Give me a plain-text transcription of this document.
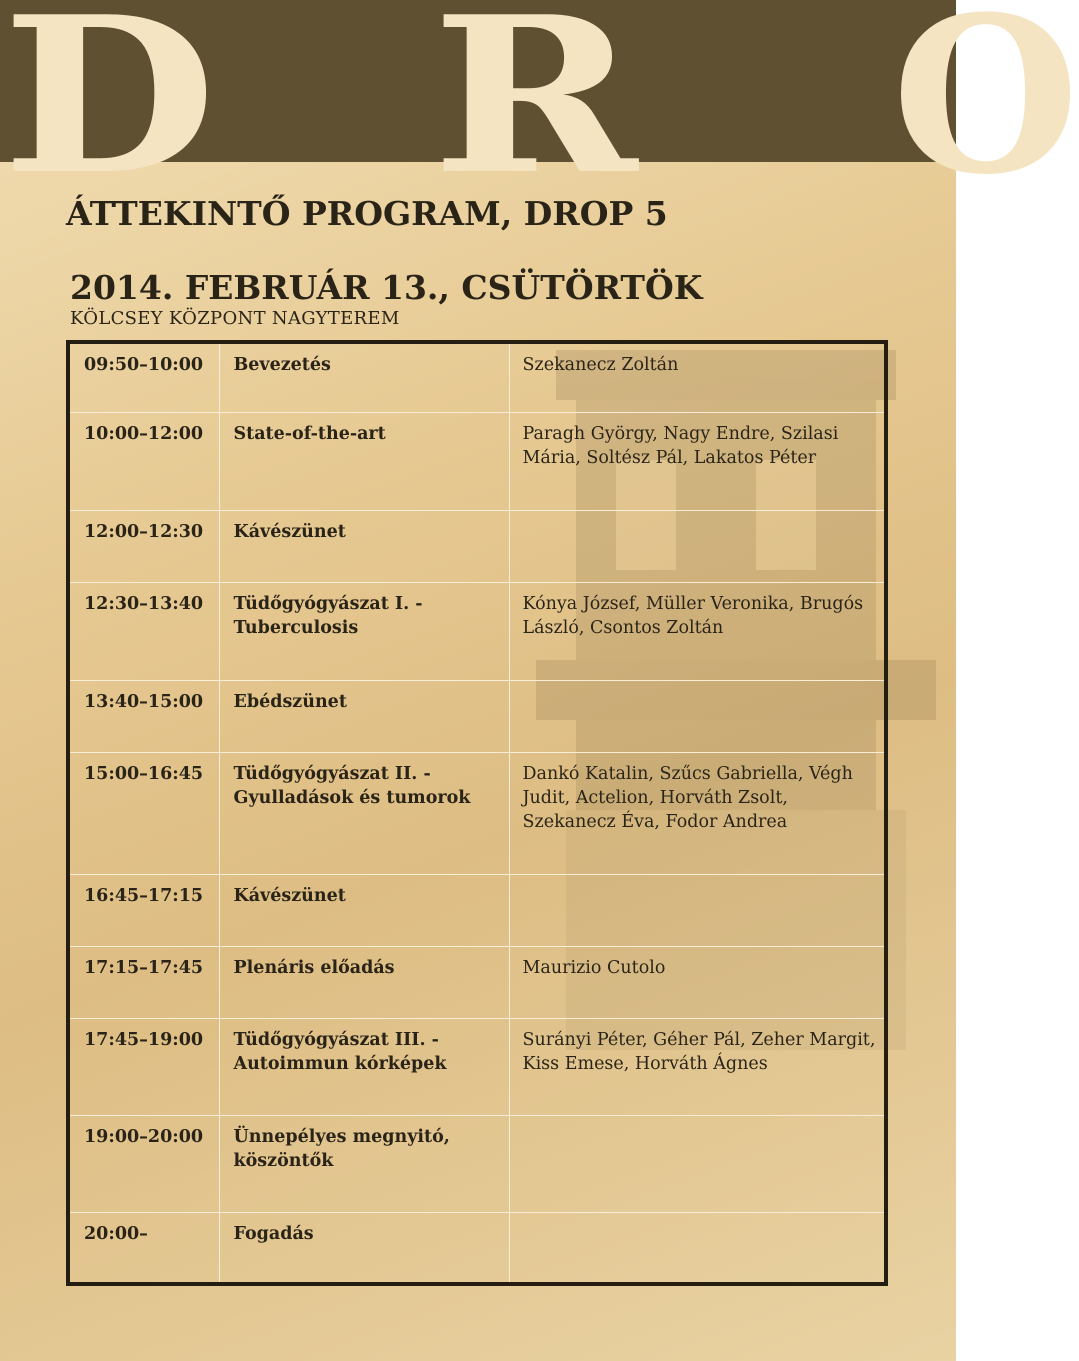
D R O
ÁTTEKINTŐ PROGRAM, DROP 5
2014. FEBRUÁR 13., CSÜTÖRTÖK
KÖLCSEY KÖZPONT NAGYTEREM
09:50–10:00	Bevezetés	Szekanecz Zoltán
10:00–12:00	State-of-the-art	Paragh György, Nagy Endre, Szilasi Mária, Soltész Pál, Lakatos Péter
12:00–12:30	Kávészünet	
12:30–13:40	Tüdőgyógyászat I. - Tuberculosis	Kónya József, Müller Veronika, Brugós László, Csontos Zoltán
13:40–15:00	Ebédszünet	
15:00–16:45	Tüdőgyógyászat II. - Gyulladások és tumorok	Dankó Katalin, Szűcs Gabriella, Végh Judit, Actelion, Horváth Zsolt, Szekanecz Éva, Fodor Andrea
16:45–17:15	Kávészünet	
17:15–17:45	Plenáris előadás	Maurizio Cutolo
17:45–19:00	Tüdőgyógyászat III. - Autoimmun kórképek	Surányi Péter, Géher Pál, Zeher Margit, Kiss Emese, Horváth Ágnes
19:00–20:00	Ünnepélyes megnyitó, köszöntők	
20:00–	Fogadás	
